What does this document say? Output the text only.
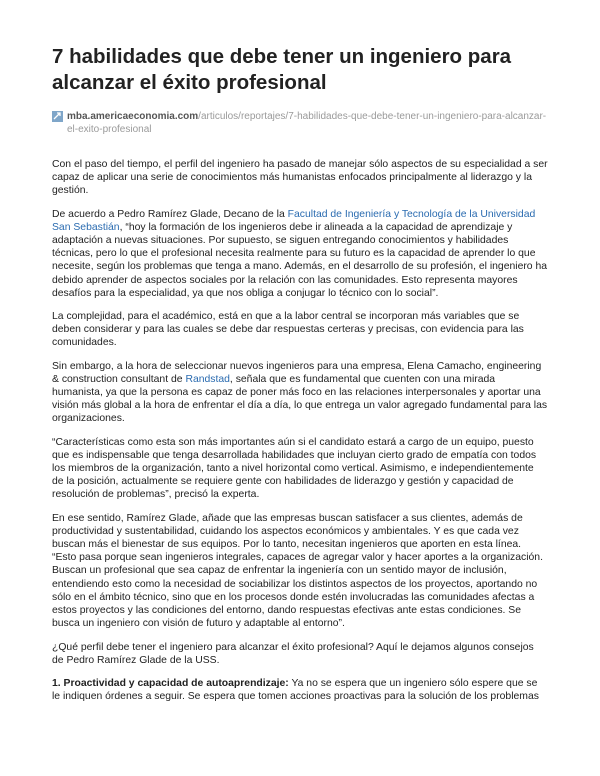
7 habilidades que debe tener un ingeniero para alcanzar el éxito profesional
mba.americaeconomia.com/articulos/reportajes/7-habilidades-que-debe-tener-un-ingeniero-para-alcanzar-el-exito-profesional

Con el paso del tiempo, el perfil del ingeniero ha pasado de manejar sólo aspectos de su especialidad a ser capaz de aplicar una serie de conocimientos más humanistas enfocados principalmente al liderazgo y la gestión.

De acuerdo a Pedro Ramírez Glade, Decano de la Facultad de Ingeniería y Tecnología de la Universidad San Sebastián, “hoy la formación de los ingenieros debe ir alineada a la capacidad de aprendizaje y adaptación a nuevas situaciones. Por supuesto, se siguen entregando conocimientos y habilidades técnicas, pero lo que el profesional necesita realmente para su futuro es la capacidad de aprender lo que necesite, según los problemas que tenga a mano. Además, en el desarrollo de su profesión, el ingeniero ha debido aprender de aspectos sociales por la relación con las comunidades. Esto representa mayores desafíos para la especialidad, ya que nos obliga a conjugar lo técnico con lo social”.

La complejidad, para el académico, está en que a la labor central se incorporan más variables que se deben considerar y para las cuales se debe dar respuestas certeras y precisas, con evidencia para las comunidades.

Sin embargo, a la hora de seleccionar nuevos ingenieros para una empresa, Elena Camacho, engineering & construction consultant de Randstad, señala que es fundamental que cuenten con una mirada humanista, ya que la persona es capaz de poner más foco en las relaciones interpersonales y aportar una visión más global a la hora de enfrentar el día a día, lo que entrega un valor agregado fundamental para las organizaciones.

“Características como esta son más importantes aún si el candidato estará a cargo de un equipo, puesto que es indispensable que tenga desarrollada habilidades que incluyan cierto grado de empatía con todos los miembros de la organización, tanto a nivel horizontal como vertical. Asimismo, e independientemente de la posición, actualmente se requiere gente con habilidades de liderazgo y gestión y capacidad de resolución de problemas”, precisó la experta.

En ese sentido, Ramírez Glade, añade que las empresas buscan satisfacer a sus clientes, además de productividad y sustentabilidad, cuidando los aspectos económicos y ambientales. Y es que cada vez buscan más el bienestar de sus equipos. Por lo tanto, necesitan ingenieros que aporten en esta línea. “Esto pasa porque sean ingenieros integrales, capaces de agregar valor y hacer aportes a la organización. Buscan un profesional que sea capaz de enfrentar la ingeniería con un sentido mayor de inclusión, entendiendo esto como la necesidad de sociabilizar los distintos aspectos de los proyectos, aportando no sólo en el ámbito técnico, sino que en los procesos donde estén involucradas las comunidades afectas a estos proyectos y las condiciones del entorno, dando respuestas efectivas ante estas condiciones. Se busca un ingeniero con visión de futuro y adaptable al entorno”.

¿Qué perfil debe tener el ingeniero para alcanzar el éxito profesional? Aquí le dejamos algunos consejos de Pedro Ramírez Glade de la USS.

1. Proactividad y capacidad de autoaprendizaje: Ya no se espera que un ingeniero sólo espere que se le indiquen órdenes a seguir. Se espera que tomen acciones proactivas para la solución de los problemas
